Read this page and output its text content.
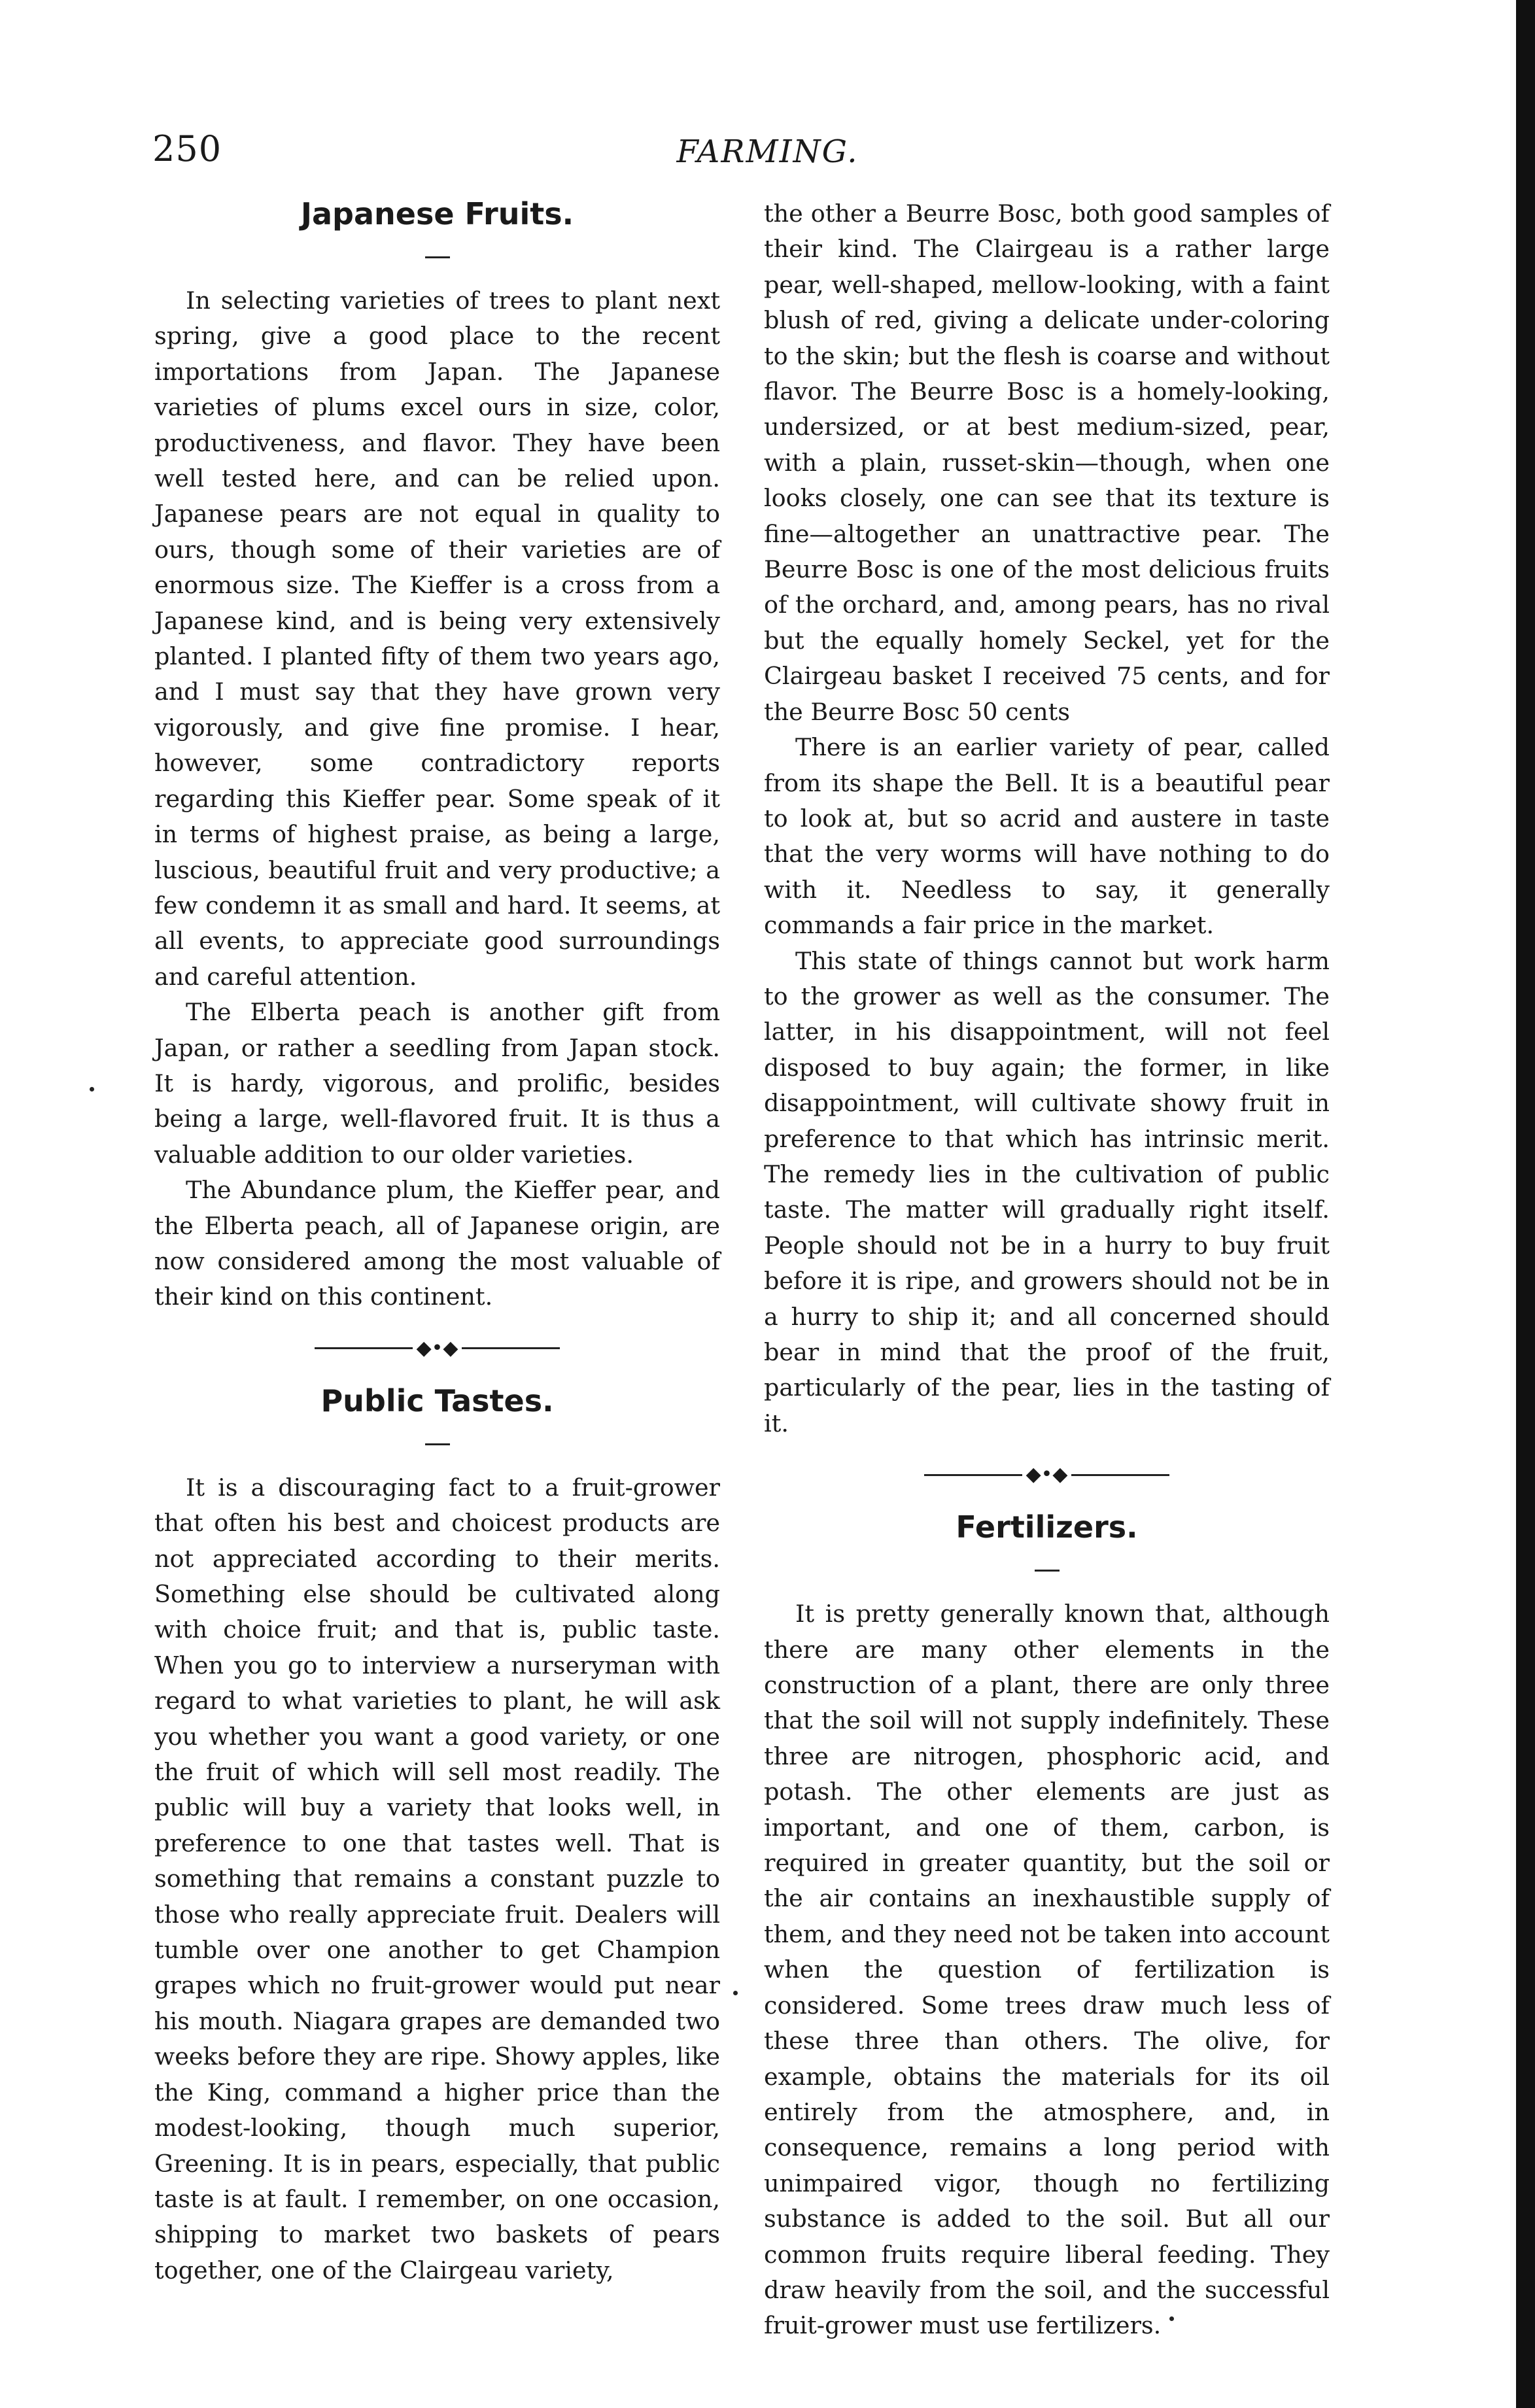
250	FARMING.
Japanese Fruits.

In selecting varieties of trees to plant next spring, give a good place to the recent importations from Japan. The Japanese varieties of plums excel ours in size, color, productiveness, and flavor. They have been well tested here, and can be relied upon. Japanese pears are not equal in quality to ours, though some of their varieties are of enormous size. The Kieffer is a cross from a Japanese kind, and is being very extensively planted. I planted fifty of them two years ago, and I must say that they have grown very vigorously, and give fine promise. I hear, however, some contradictory reports regarding this Kieffer pear. Some speak of it in terms of highest praise, as being a large, luscious, beautiful fruit and very productive; a few condemn it as small and hard. It seems, at all events, to appreciate good surroundings and careful attention.

The Elberta peach is another gift from Japan, or rather a seedling from Japan stock. It is hardy, vigorous, and prolific, besides being a large, well-flavored fruit. It is thus a valuable addition to our older varieties.

The Abundance plum, the Kieffer pear, and the Elberta peach, all of Japanese origin, are now considered among the most valuable of their kind on this continent.

◆•◆
Public Tastes.

It is a discouraging fact to a fruit-grower that often his best and choicest products are not appreciated according to their merits. Something else should be cultivated along with choice fruit; and that is, public taste. When you go to interview a nurseryman with regard to what varieties to plant, he will ask you whether you want a good variety, or one the fruit of which will sell most readily. The public will buy a variety that looks well, in preference to one that tastes well. That is something that remains a constant puzzle to those who really appreciate fruit. Dealers will tumble over one another to get Champion grapes which no fruit-grower would put near his mouth. Niagara grapes are demanded two weeks before they are ripe. Showy apples, like the King, command a higher price than the modest-looking, though much superior, Greening. It is in pears, especially, that public taste is at fault. I remember, on one occasion, shipping to market two baskets of pears together, one of the Clairgeau variety,

the other a Beurre Bosc, both good samples of their kind. The Clairgeau is a rather large pear, well-shaped, mellow-looking, with a faint blush of red, giving a delicate under-coloring to the skin; but the flesh is coarse and without flavor. The Beurre Bosc is a homely-looking, undersized, or at best medium-sized, pear, with a plain, russet-skin—though, when one looks closely, one can see that its texture is fine—altogether an unattractive pear. The Beurre Bosc is one of the most delicious fruits of the orchard, and, among pears, has no rival but the equally homely Seckel, yet for the Clairgeau basket I received 75 cents, and for the Beurre Bosc 50 cents

There is an earlier variety of pear, called from its shape the Bell. It is a beautiful pear to look at, but so acrid and austere in taste that the very worms will have nothing to do with it. Needless to say, it generally commands a fair price in the market.

This state of things cannot but work harm to the grower as well as the consumer. The latter, in his disappointment, will not feel disposed to buy again; the former, in like disappointment, will cultivate showy fruit in preference to that which has intrinsic merit. The remedy lies in the cultivation of public taste. The matter will gradually right itself. People should not be in a hurry to buy fruit before it is ripe, and growers should not be in a hurry to ship it; and all concerned should bear in mind that the proof of the fruit, particularly of the pear, lies in the tasting of it.

◆•◆
Fertilizers.

It is pretty generally known that, although there are many other elements in the construction of a plant, there are only three that the soil will not supply indefinitely. These three are nitrogen, phosphoric acid, and potash. The other elements are just as important, and one of them, carbon, is required in greater quantity, but the soil or the air contains an inexhaustible supply of them, and they need not be taken into account when the question of fertilization is considered. Some trees draw much less of these three than others. The olive, for example, obtains the materials for its oil entirely from the atmosphere, and, in consequence, remains a long period with unimpaired vigor, though no fertilizing substance is added to the soil. But all our common fruits require liberal feeding. They draw heavily from the soil, and the successful fruit-grower must use fertilizers.
